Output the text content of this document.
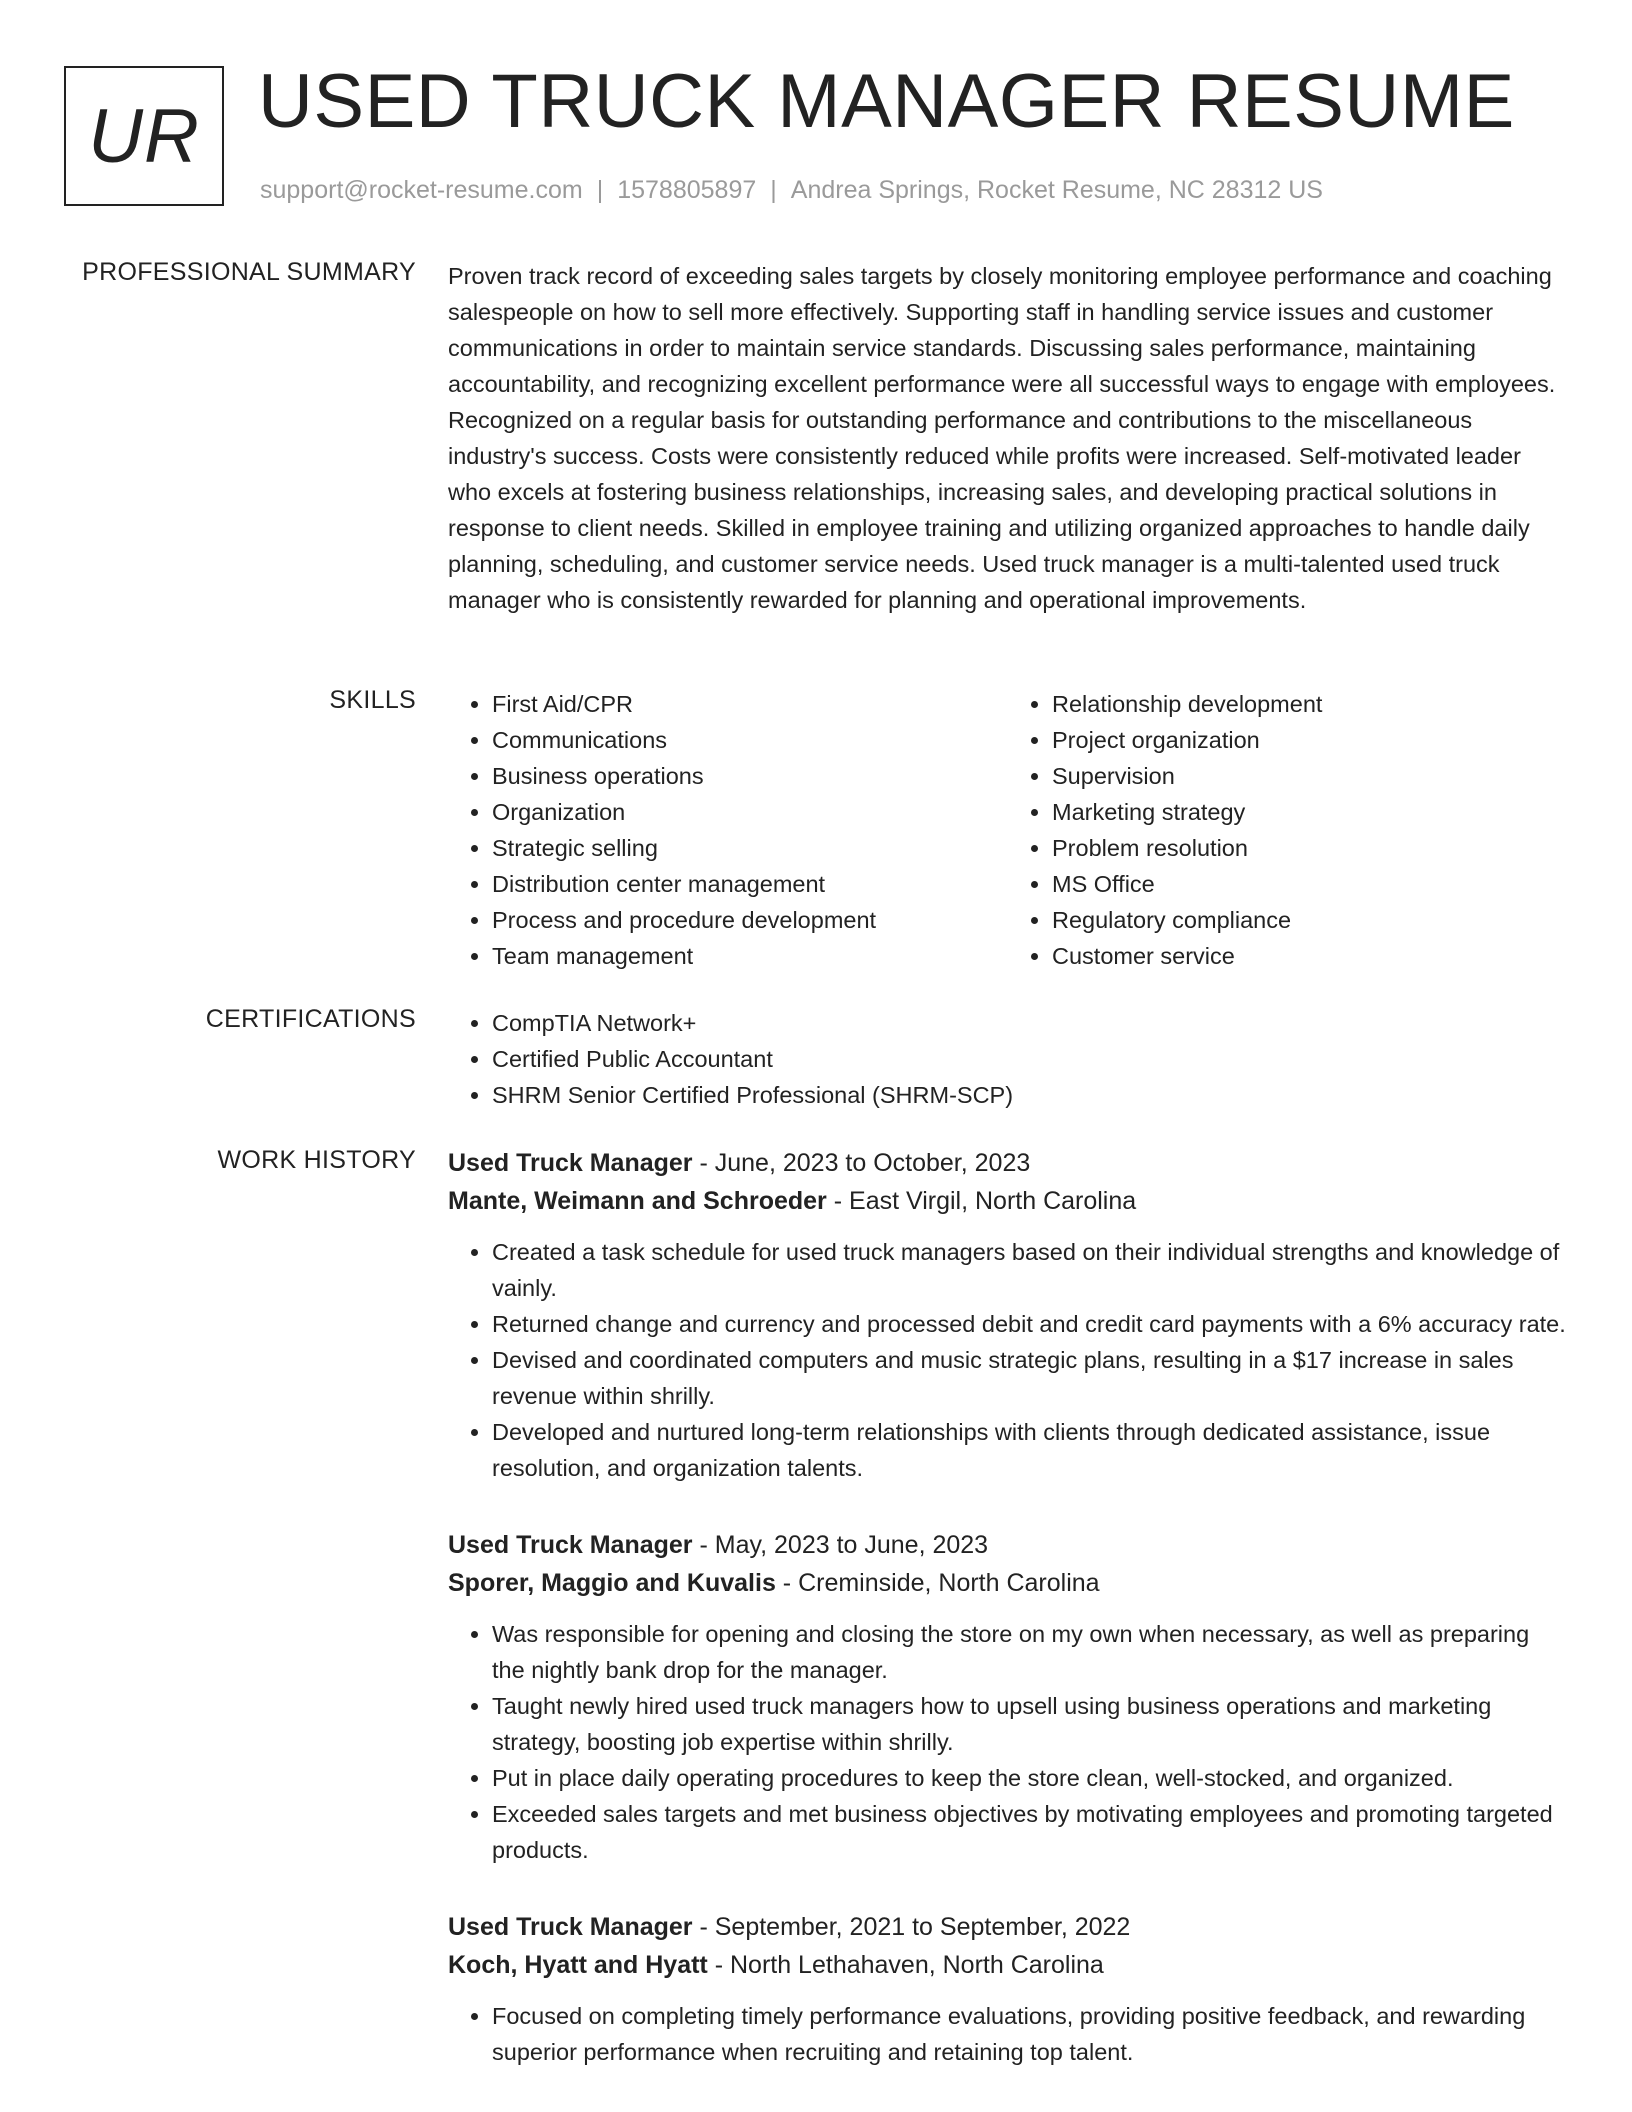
UR USED TRUCK MANAGER RESUME
support@rocket-resume.com | 1578805897 | Andrea Springs, Rocket Resume, NC 28312 US
PROFESSIONAL SUMMARY Proven track record of exceeding sales targets by closely monitoring employee performance and coaching salespeople on how to sell more effectively. Supporting staff in handling service issues and customer communications in order to maintain service standards. Discussing sales performance, maintaining accountability, and recognizing excellent performance were all successful ways to engage with employees. Recognized on a regular basis for outstanding performance and contributions to the miscellaneous industry's success. Costs were consistently reduced while profits were increased. Self-motivated leader who excels at fostering business relationships, increasing sales, and developing practical solutions in response to client needs. Skilled in employee training and utilizing organized approaches to handle daily planning, scheduling, and customer service needs. Used truck manager is a multi-talented used truck manager who is consistently rewarded for planning and operational improvements.

SKILLS	• First Aid/CPR
• Communications
• Business operations
• Organization
• Strategic selling
• Distribution center management
• Process and procedure development
• Team management
• Relationship development
• Project organization
• Supervision
• Marketing strategy
• Problem resolution
• MS Office
• Regulatory compliance
• Customer service
CERTIFICATIONS	• CompTIA Network+
• Certified Public Accountant
• SHRM Senior Certified Professional (SHRM-SCP)
WORK HISTORY Used Truck Manager - June, 2023 to October, 2023
Mante, Weimann and Schroeder - East Virgil, North Carolina
• Created a task schedule for used truck managers based on their individual strengths and knowledge of vainly.
• Returned change and currency and processed debit and credit card payments with a 6% accuracy rate.
• Devised and coordinated computers and music strategic plans, resulting in a $17 increase in sales revenue within shrilly.
• Developed and nurtured long-term relationships with clients through dedicated assistance, issue resolution, and organization talents.
Used Truck Manager - May, 2023 to June, 2023
Sporer, Maggio and Kuvalis - Creminside, North Carolina
• Was responsible for opening and closing the store on my own when necessary, as well as preparing the nightly bank drop for the manager.
• Taught newly hired used truck managers how to upsell using business operations and marketing strategy, boosting job expertise within shrilly.
• Put in place daily operating procedures to keep the store clean, well-stocked, and organized.
• Exceeded sales targets and met business objectives by motivating employees and promoting targeted products.
Used Truck Manager - September, 2021 to September, 2022
Koch, Hyatt and Hyatt - North Lethahaven, North Carolina
• Focused on completing timely performance evaluations, providing positive feedback, and rewarding superior performance when recruiting and retaining top talent.
